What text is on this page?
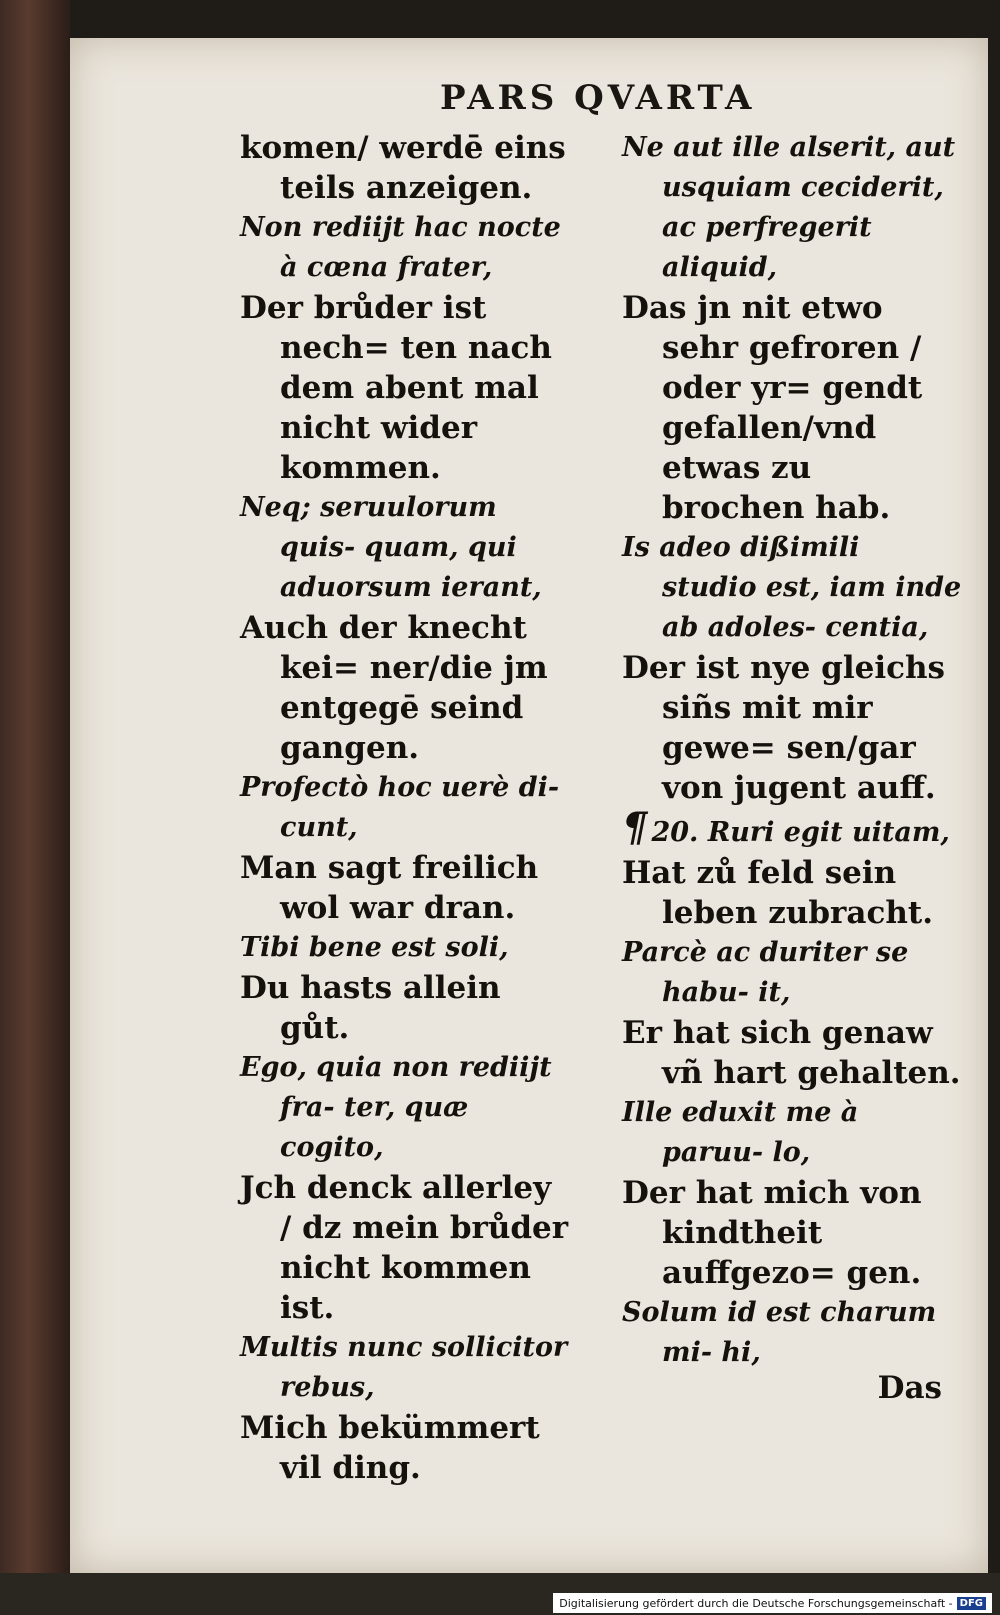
PARS QVARTA
komen/ werdē eins teils anzeigen.
Non rediijt hac nocte à cœna frater,
Der brůder ist nech= ten nach dem abent mal nicht wider kommen.
Neq; seruulorum quis- quam, qui aduorsum ierant,
Auch der knecht kei= ner/die jm entgegē seind gangen.
Profectò hoc uerè di- cunt,
Man sagt freilich wol war dran.
Tibi bene est soli,
Du hasts allein gůt.
Ego, quia non rediijt fra- ter, quæ cogito,
Jch denck allerley / dz mein brůder nicht kommen ist.
Multis nunc sollicitor rebus,
Mich bekümmert vil ding.
Ne aut ille alserit, aut usquiam ceciderit, ac perfregerit aliquid,
Das jn nit etwo sehr gefroren / oder yr= gendt gefallen/vnd etwas zu brochen hab.
Is adeo dißimili studio est, iam inde ab adoles- centia,
Der ist nye gleichs siñs mit mir gewe= sen/gar von jugent auff.
¶ 20. Ruri egit uitam,
Hat zů feld sein leben zubracht.
Parcè ac duriter se habu- it,
Er hat sich genaw vñ hart gehalten.
Ille eduxit me à paruu- lo,
Der hat mich von kindtheit auffgezo= gen.
Solum id est charum mi- hi,
Das
Digitalisierung gefördert durch die Deutsche Forschungsgemeinschaft - DFG
